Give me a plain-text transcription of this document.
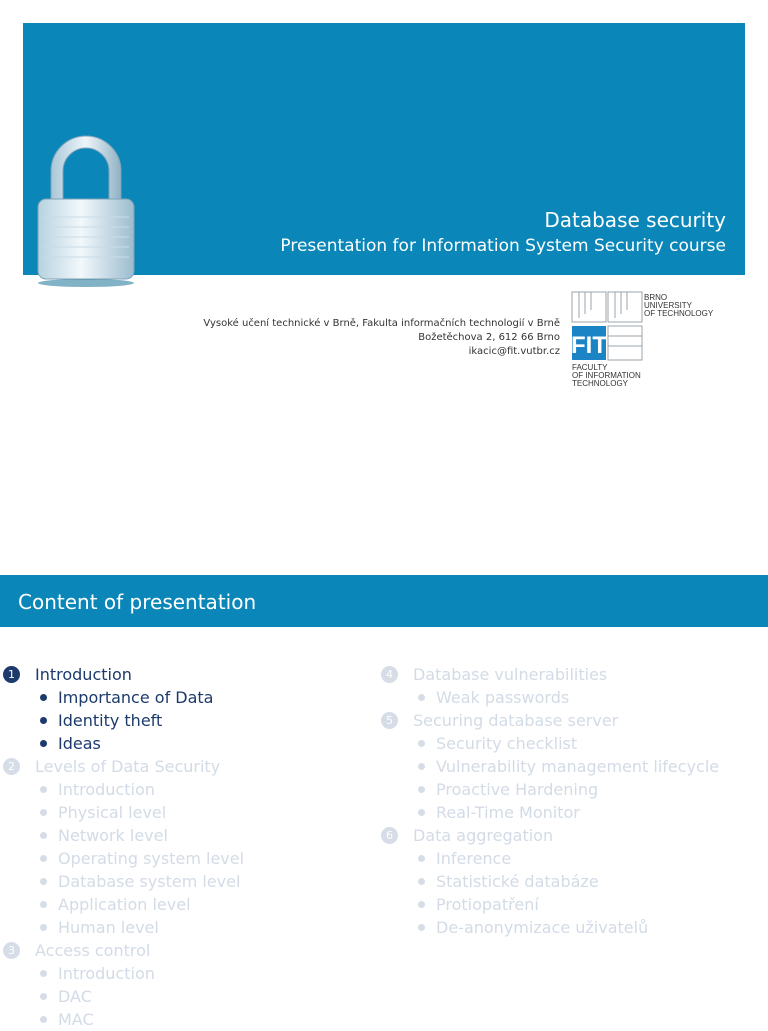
Database security
Presentation for Information System Security course
Vysoké učení technické v Brně, Fakulta informačních technologií v Brně
Božetěchova 2, 612 66 Brno
ikacic@fit.vutbr.cz FIT
BRNO
UNIVERSITY
OF TECHNOLOGY
FACULTY
OF INFORMATION
TECHNOLOGY
Content of presentation
1	Introduction
Importance of Data
Identity theft
Ideas
2	Levels of Data Security
Introduction
Physical level
Network level
Operating system level
Database system level
Application level
Human level
3	Access control
Introduction
DAC
MAC
4	Database vulnerabilities
Weak passwords
5	Securing database server
Security checklist
Vulnerability management lifecycle
Proactive Hardening
Real-Time Monitor
6	Data aggregation
Inference
Statistické databáze
Protiopatření
De-anonymizace uživatelů
